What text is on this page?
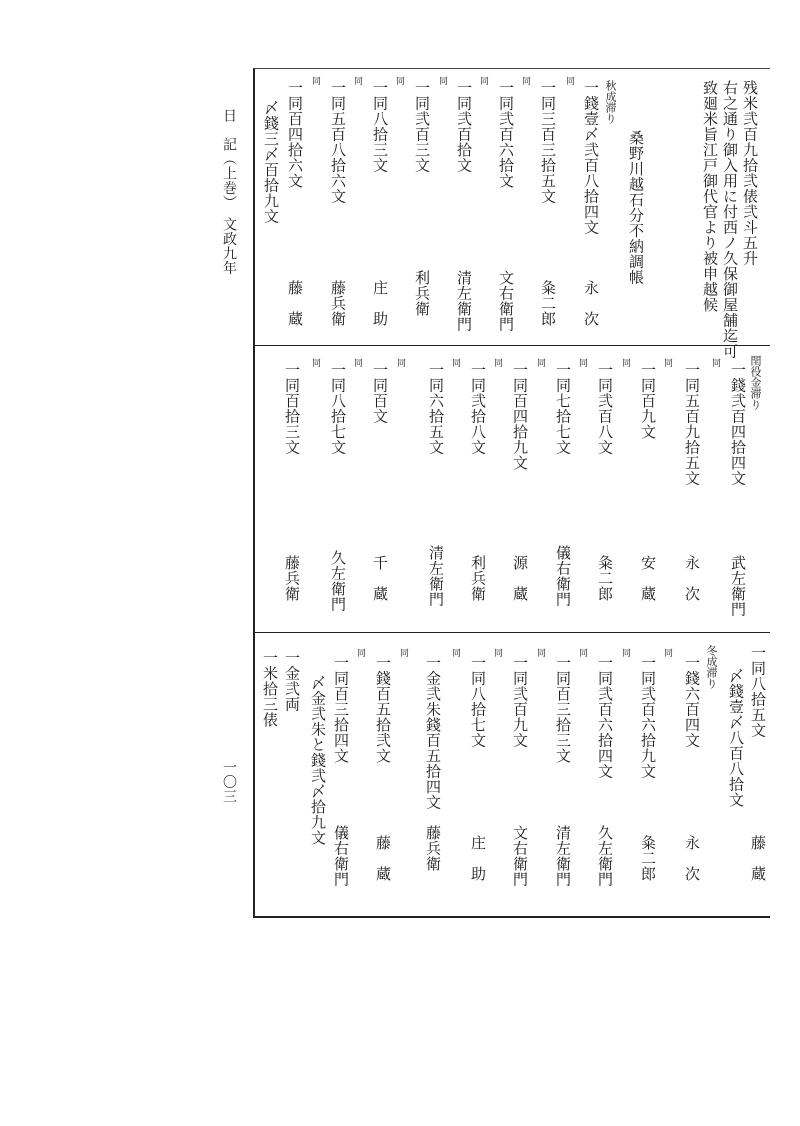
日　記（上巻）　文政九年
一〇三
残米弐百九拾弐俵弐斗五升
右之通り御入用に付西ノ久保御屋舗迄可
致廻米旨江戸御代官より被申越候
桑野川越石分不納調帳
秋成滞り
一錢壹〆弐百八拾四文
永　次
同
一同三百三拾五文
粂二郎
同
一同弐百六拾文
文右衛門
同
一同弐百拾文
清左衛門
同
一同弐百三文
利兵衛
同
一同八拾三文
庄　助
同
一同五百八拾六文
藤兵衛
同
一同百四拾六文
藤　蔵
〆錢三〆百拾九文
閏役金滞り
一錢弐百四拾四文
武左衛門
同
一同五百九拾五文
永　次
同
一同百九文
安　蔵
同
一同弐百八文
粂二郎
同
一同七拾七文
儀右衛門
同
一同百四拾九文
源　蔵
同
一同弐拾八文
利兵衛
同
一同六拾五文
清左衛門
同
一同百文
千　蔵
同
一同八拾七文
久左衛門
同
一同百拾三文
藤兵衛
一同八拾五文
藤　蔵
〆錢壹〆八百八拾文
冬成滞り
一錢六百四文
永　次
同
一同弐百六拾九文
粂二郎
同
一同弐百六拾四文
久左衛門
同
一同百三拾三文
清左衛門
同
一同弐百九文
文右衛門
同
一同八拾七文
庄　助
同
一金弐朱錢百五拾四文
藤兵衛
同
一錢百五拾弐文
藤　蔵
同
一同百三拾四文
儀右衛門
〆金弐朱と錢弐〆拾九文
一金弐両
一米拾三俵
